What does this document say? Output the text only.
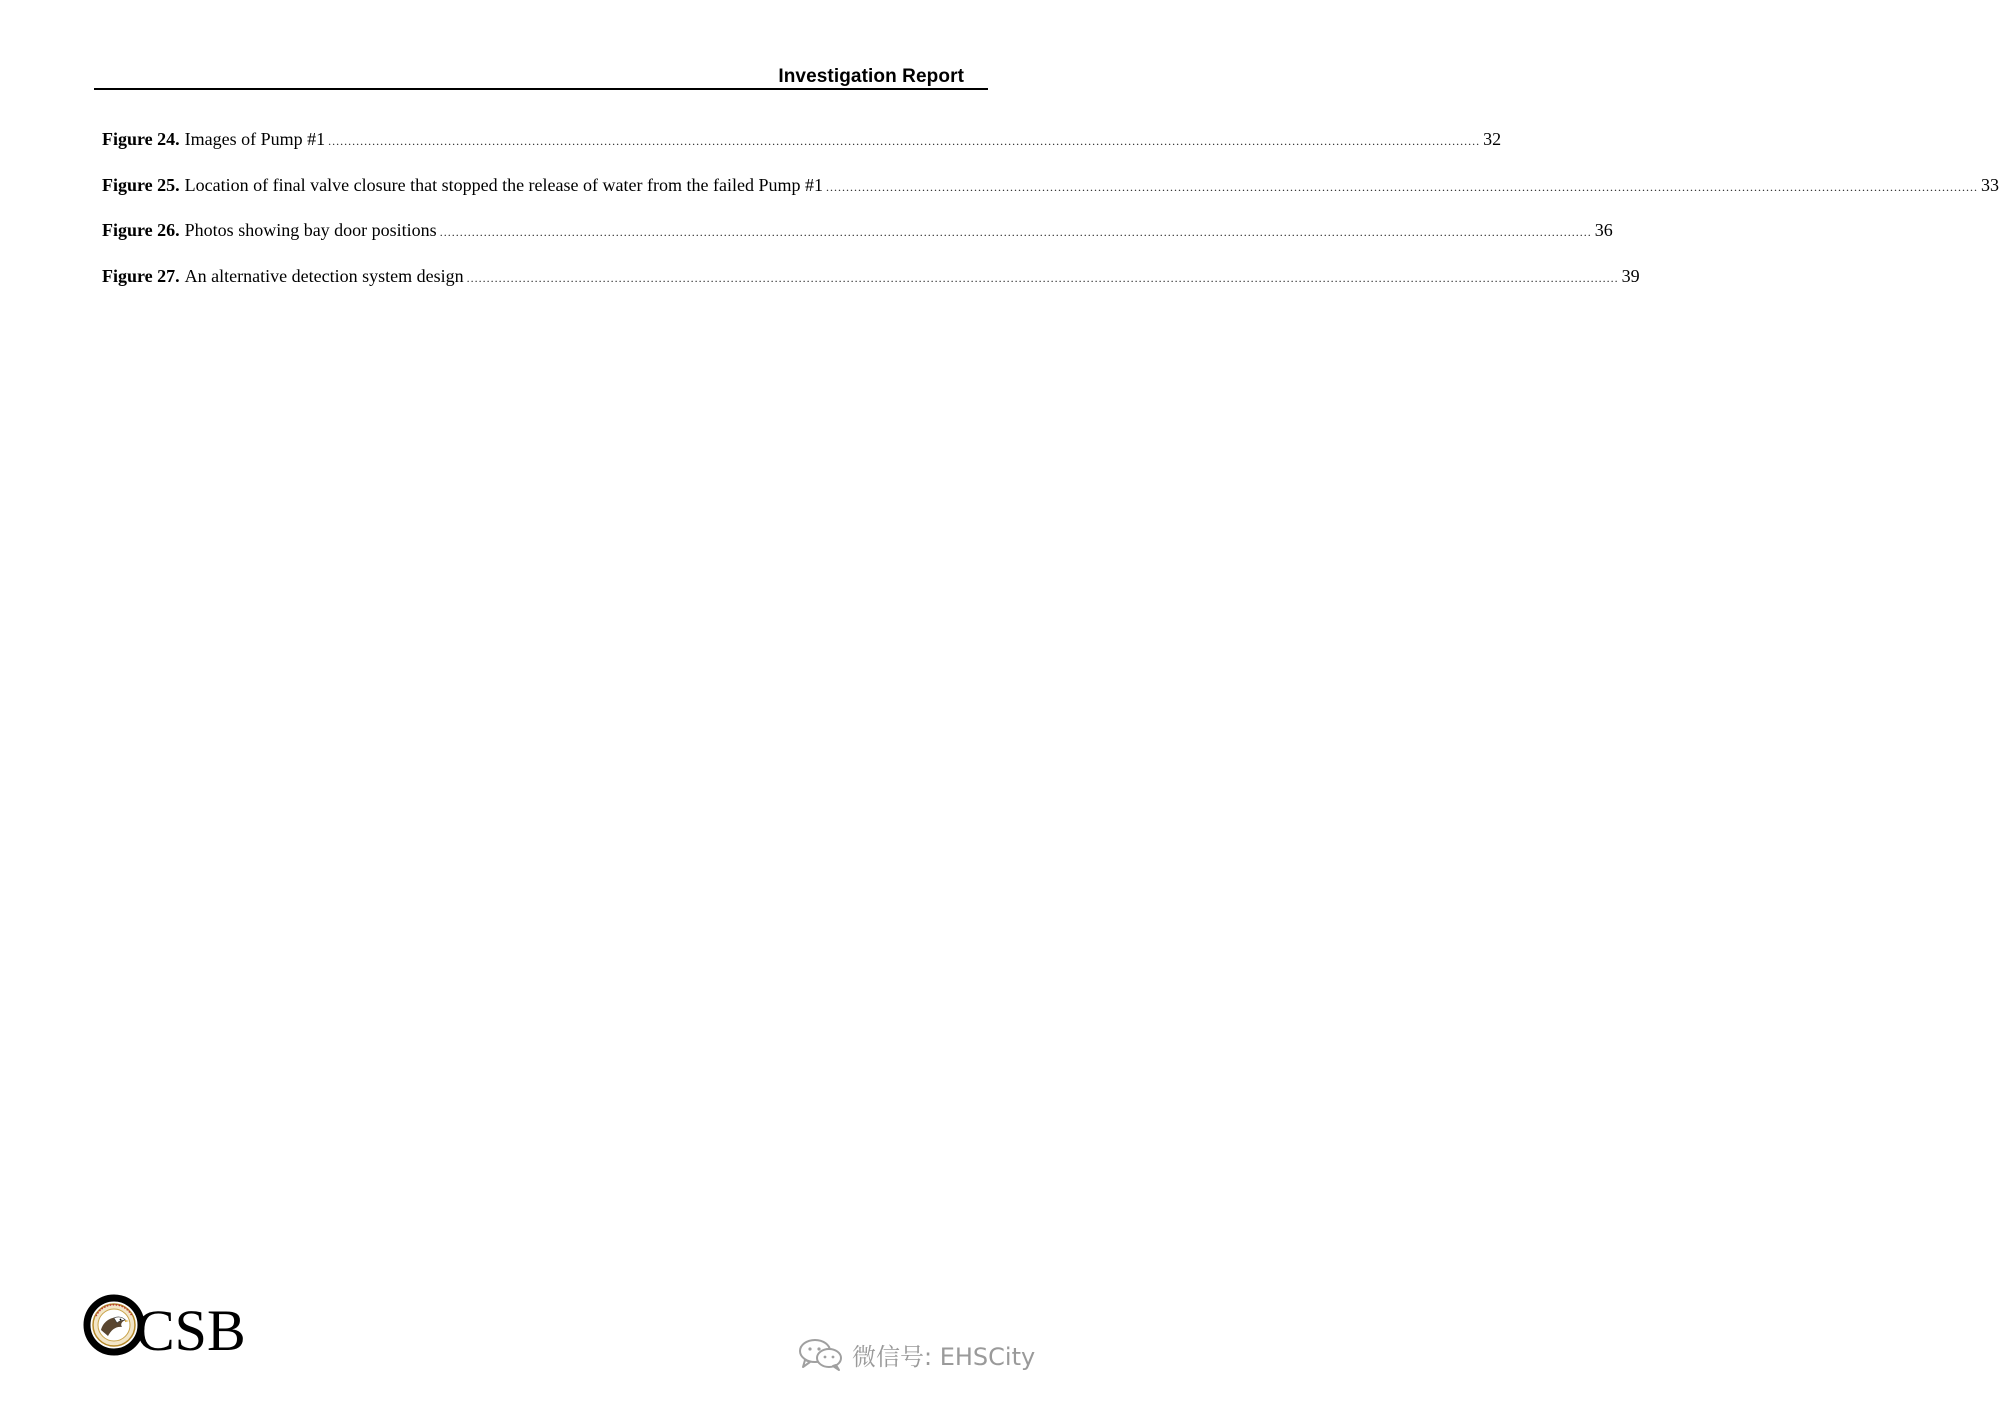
Investigation Report
Figure 24. Images of Pump #1 .....	32
Figure 25. Location of final valve closure that stopped the release of water from the failed Pump #1 .....	33
Figure 26. Photos showing bay door positions .....	36
Figure 27. An alternative detection system design .....	39
CSB	微信号: EHSCity
